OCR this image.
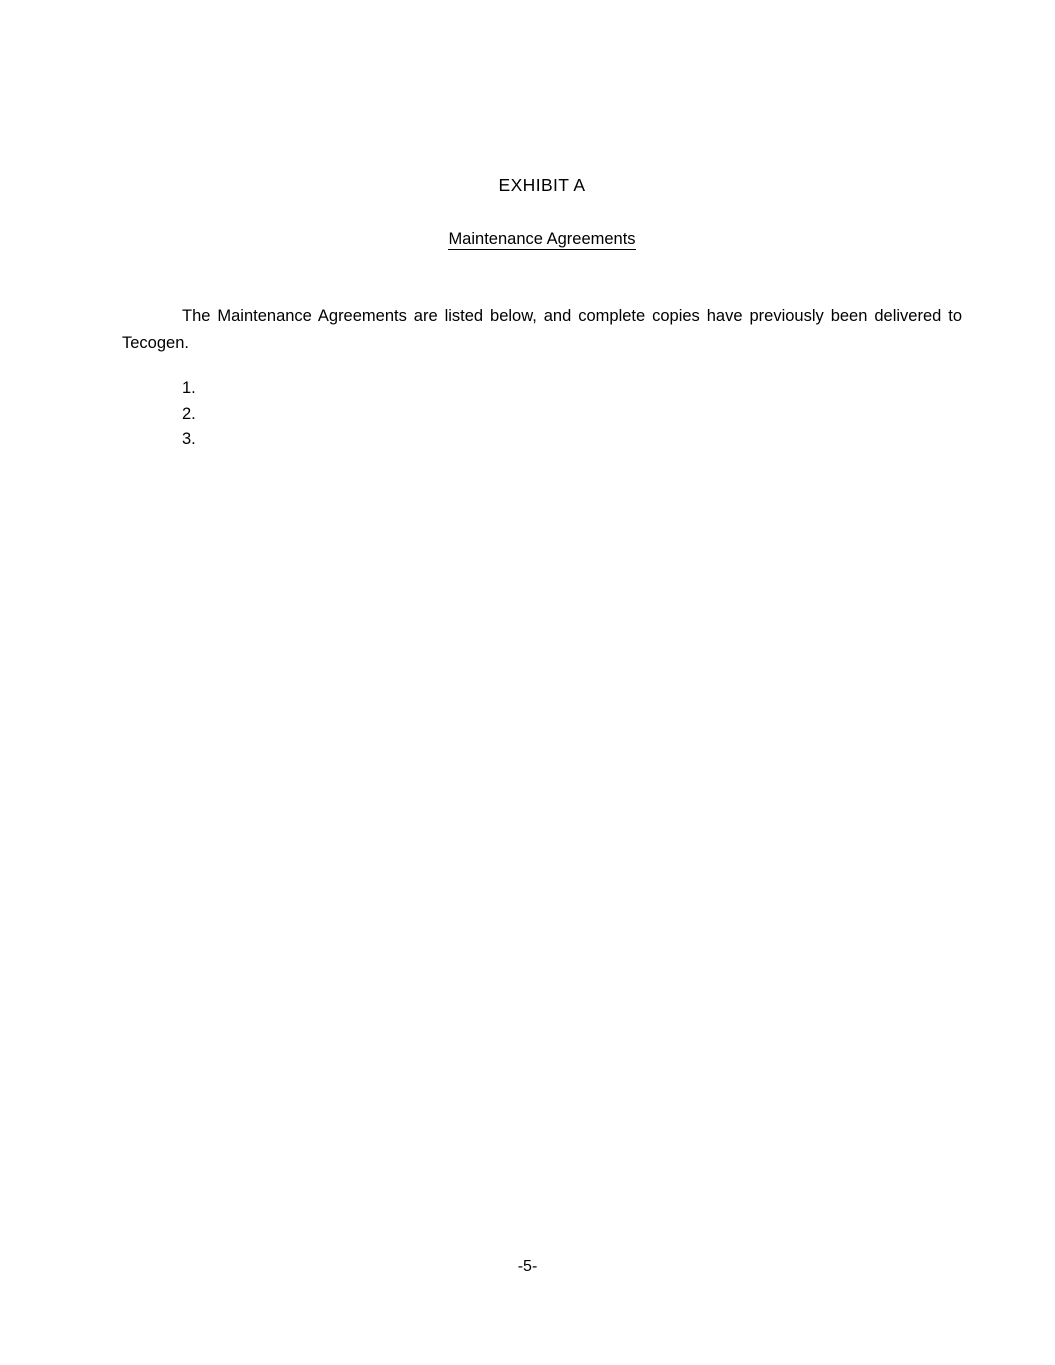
EXHIBIT A
Maintenance Agreements

The Maintenance Agreements are listed below, and complete copies have previously been delivered to Tecogen.

1.
2.
3.
-5-
